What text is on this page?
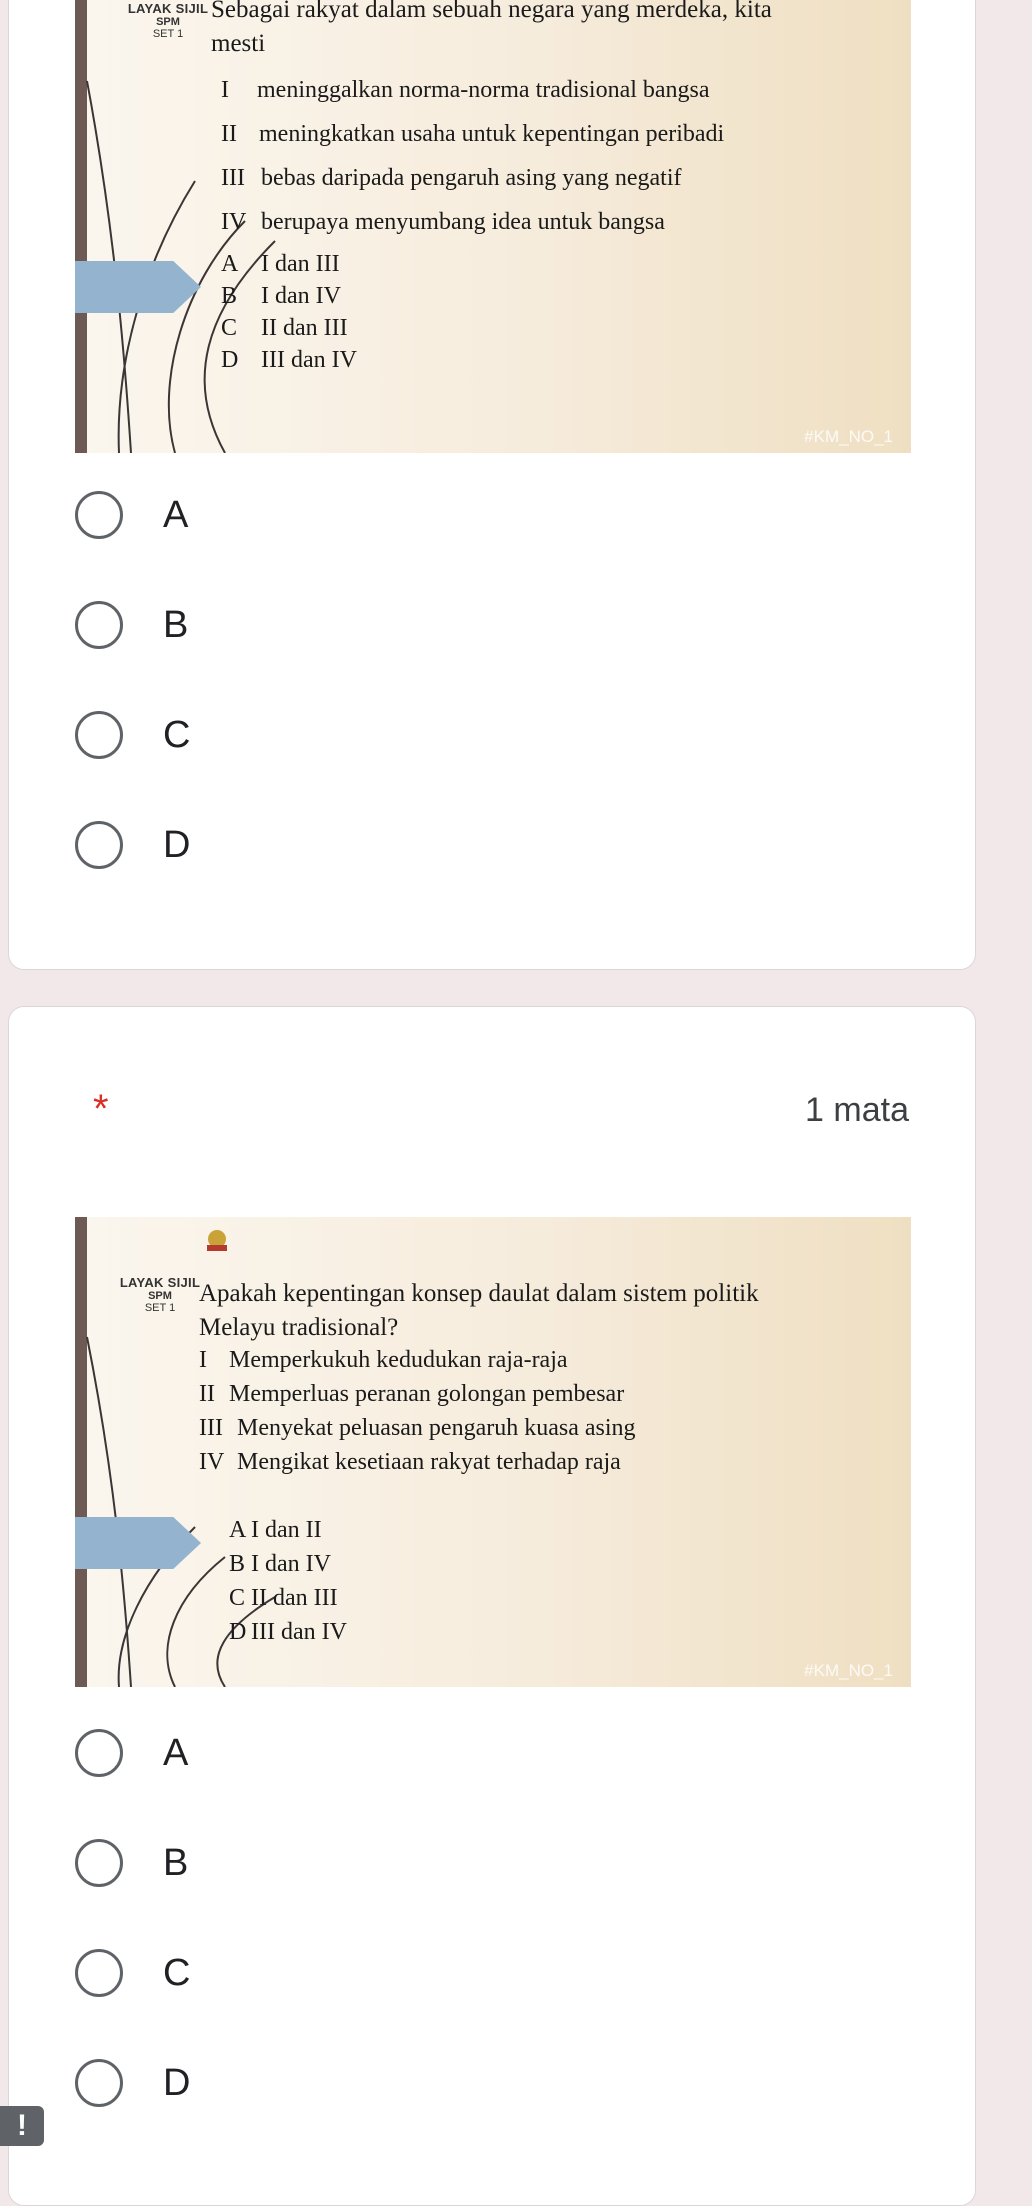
LAYAK SIJIL
SPM
SET 1
Sebagai rakyat dalam sebuah negara yang merdeka, kita
mesti
I meninggalkan norma-norma tradisional bangsa
II meningkatkan usaha untuk kepentingan peribadi
III bebas daripada pengaruh asing yang negatif
IV berupaya menyumbang idea untuk bangsa
A I dan III
B I dan IV
C II dan III
D III dan IV
#KM_NO_1
A
B
C
D
*	1 mata
LAYAK SIJIL
SPM
SET 1
Apakah kepentingan konsep daulat dalam sistem politik
Melayu tradisional?
I Memperkukuh kedudukan raja-raja
II Memperluas peranan golongan pembesar
III Menyekat peluasan pengaruh kuasa asing
IV Mengikat kesetiaan rakyat terhadap raja
A I dan II
B I dan IV
C II dan III
D III dan IV
#KM_NO_1
A
B
C
D
!
